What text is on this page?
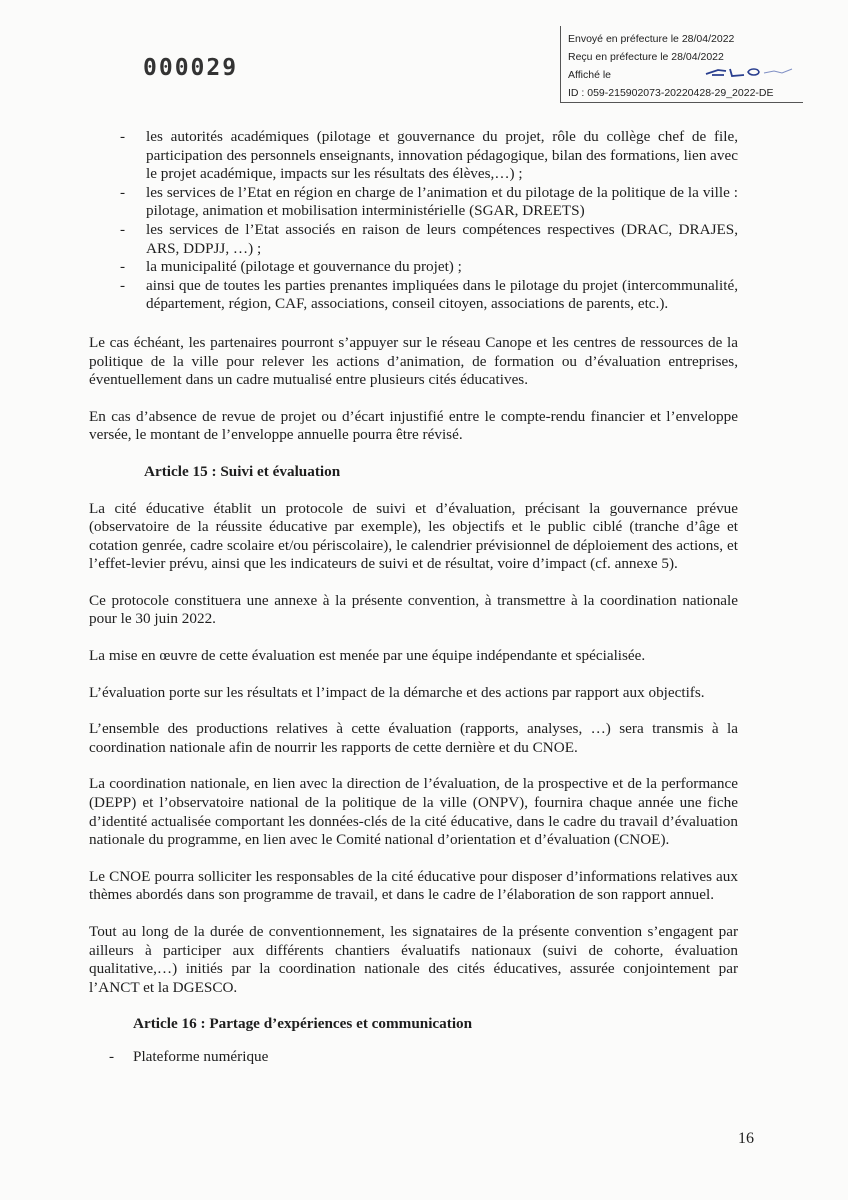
000029
Envoyé en préfecture le 28/04/2022
Reçu en préfecture le 28/04/2022
Affiché le
ID : 059-215902073-20220428-29_2022-DE
- les autorités académiques (pilotage et gouvernance du projet, rôle du collège chef de file, participation des personnels enseignants, innovation pédagogique, bilan des formations, lien avec le projet académique, impacts sur les résultats des élèves,…) ;
- les services de l’Etat en région en charge de l’animation et du pilotage de la politique de la ville : pilotage, animation et mobilisation interministérielle (SGAR, DREETS)
- les services de l’Etat associés en raison de leurs compétences respectives (DRAC, DRAJES, ARS, DDPJJ, …) ;
- la municipalité (pilotage et gouvernance du projet) ;
- ainsi que de toutes les parties prenantes impliquées dans le pilotage du projet (intercommunalité, département, région, CAF, associations, conseil citoyen, associations de parents, etc.).

Le cas échéant, les partenaires pourront s’appuyer sur le réseau Canope et les centres de ressources de la politique de la ville pour relever les actions d’animation, de formation ou d’évaluation entreprises, éventuellement dans un cadre mutualisé entre plusieurs cités éducatives.

En cas d’absence de revue de projet ou d’écart injustifié entre le compte-rendu financier et l’enveloppe versée, le montant de l’enveloppe annuelle pourra être révisé.

Article 15 : Suivi et évaluation

La cité éducative établit un protocole de suivi et d’évaluation, précisant la gouvernance prévue (observatoire de la réussite éducative par exemple), les objectifs et le public ciblé (tranche d’âge et cotation genrée, cadre scolaire et/ou périscolaire), le calendrier prévisionnel de déploiement des actions, et l’effet-levier prévu, ainsi que les indicateurs de suivi et de résultat, voire d’impact (cf. annexe 5).

Ce protocole constituera une annexe à la présente convention, à transmettre à la coordination nationale pour le 30 juin 2022.

La mise en œuvre de cette évaluation est menée par une équipe indépendante et spécialisée.

L’évaluation porte sur les résultats et l’impact de la démarche et des actions par rapport aux objectifs.

L’ensemble des productions relatives à cette évaluation (rapports, analyses, …) sera transmis à la coordination nationale afin de nourrir les rapports de cette dernière et du CNOE.

La coordination nationale, en lien avec la direction de l’évaluation, de la prospective et de la performance (DEPP) et l’observatoire national de la politique de la ville (ONPV), fournira chaque année une fiche d’identité actualisée comportant les données-clés de la cité éducative, dans le cadre du travail d’évaluation nationale du programme, en lien avec le Comité national d’orientation et d’évaluation (CNOE).

Le CNOE pourra solliciter les responsables de la cité éducative pour disposer d’informations relatives aux thèmes abordés dans son programme de travail, et dans le cadre de l’élaboration de son rapport annuel.

Tout au long de la durée de conventionnement, les signataires de la présente convention s’engagent par ailleurs à participer aux différents chantiers évaluatifs nationaux (suivi de cohorte, évaluation qualitative,…) initiés par la coordination nationale des cités éducatives, assurée conjointement par l’ANCT et la DGESCO.

Article 16 : Partage d’expériences et communication

- Plateforme numérique

16
